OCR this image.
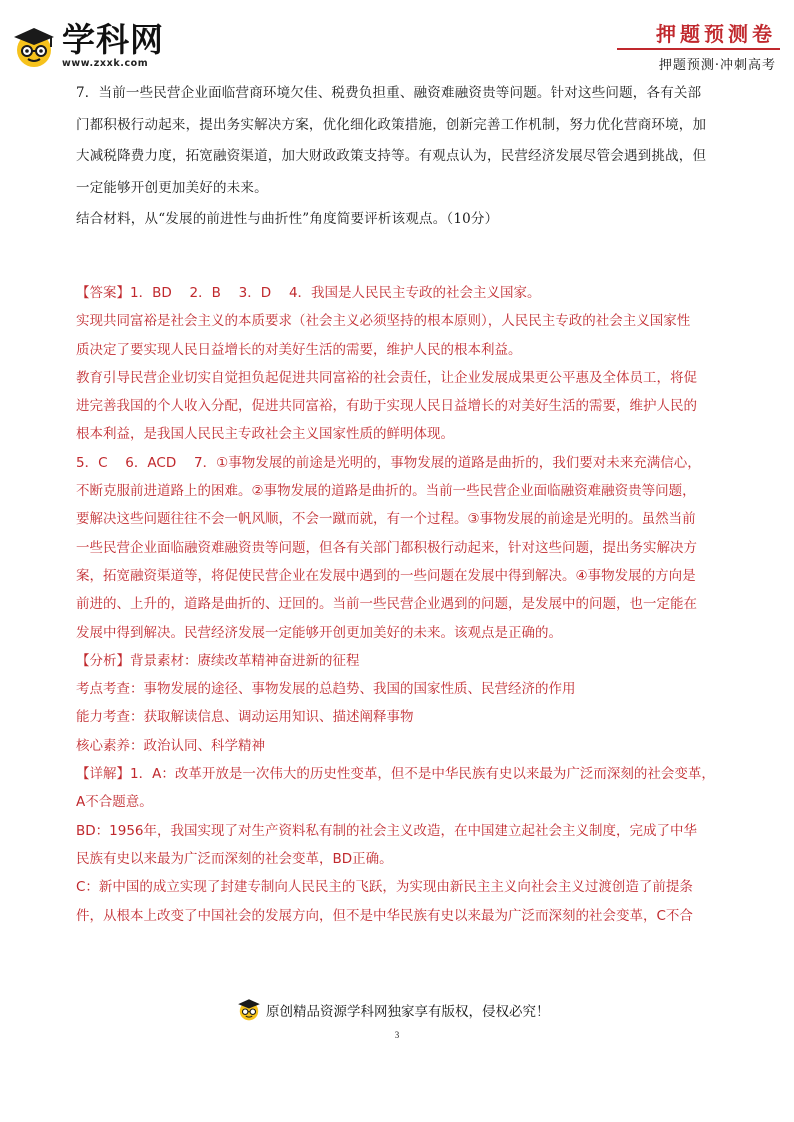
学科网
www.zxxk.com
押题预测卷
押题预测·冲刺高考

7．当前一些民营企业面临营商环境欠佳、税费负担重、融资难融资贵等问题。针对这些问题，各有关部

门都积极行动起来，提出务实解决方案，优化细化政策措施，创新完善工作机制，努力优化营商环境，加

大减税降费力度，拓宽融资渠道，加大财政政策支持等。有观点认为，民营经济发展尽管会遇到挑战，但

一定能够开创更加美好的未来。

结合材料，从“发展的前进性与曲折性”角度简要评析该观点。（10分）

【答案】1．BD　 2．B　 3．D　 4．我国是人民民主专政的社会主义国家。

实现共同富裕是社会主义的本质要求（社会主义必须坚持的根本原则），人民民主专政的社会主义国家性

质决定了要实现人民日益增长的对美好生活的需要，维护人民的根本利益。

教育引导民营企业切实自觉担负起促进共同富裕的社会责任，让企业发展成果更公平惠及全体员工，将促

进完善我国的个人收入分配，促进共同富裕，有助于实现人民日益增长的对美好生活的需要，维护人民的

根本利益，是我国人民民主专政社会主义国家性质的鲜明体现。

5．C　 6．ACD　 7．①事物发展的前途是光明的，事物发展的道路是曲折的，我们要对未来充满信心，

不断克服前进道路上的困难。②事物发展的道路是曲折的。当前一些民营企业面临融资难融资贵等问题，

要解决这些问题往往不会一帆风顺，不会一蹴而就，有一个过程。③事物发展的前途是光明的。虽然当前

一些民营企业面临融资难融资贵等问题，但各有关部门都积极行动起来，针对这些问题，提出务实解决方

案，拓宽融资渠道等，将促使民营企业在发展中遇到的一些问题在发展中得到解决。④事物发展的方向是

前进的、上升的，道路是曲折的、迂回的。当前一些民营企业遇到的问题，是发展中的问题，也一定能在

发展中得到解决。民营经济发展一定能够开创更加美好的未来。该观点是正确的。

【分析】背景素材：赓续改革精神奋进新的征程

考点考查：事物发展的途径、事物发展的总趋势、我国的国家性质、民营经济的作用

能力考查：获取解读信息、调动运用知识、描述阐释事物

核心素养：政治认同、科学精神

【详解】1．A：改革开放是一次伟大的历史性变革，但不是中华民族有史以来最为广泛而深刻的社会变革，

A不合题意。

BD：1956年，我国实现了对生产资料私有制的社会主义改造，在中国建立起社会主义制度，完成了中华

民族有史以来最为广泛而深刻的社会变革，BD正确。

C：新中国的成立实现了封建专制向人民民主的飞跃，为实现由新民主主义向社会主义过渡创造了前提条

件，从根本上改变了中国社会的发展方向，但不是中华民族有史以来最为广泛而深刻的社会变革，C不合

原创精品资源学科网独家享有版权，侵权必究！
3
